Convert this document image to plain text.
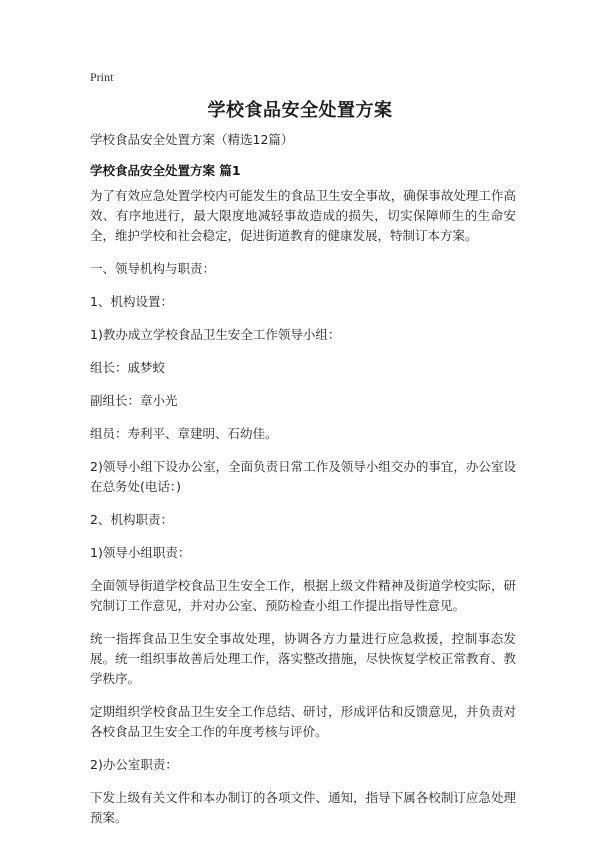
Print

学校食品安全处置方案

学校食品安全处置方案（精选12篇）

学校食品安全处置方案 篇1

为了有效应急处置学校内可能发生的食品卫生安全事故，确保事故处理工作高效、有序地进行，最大限度地减轻事故造成的损失，切实保障师生的生命安全，维护学校和社会稳定，促进街道教育的健康发展，特制订本方案。

一、领导机构与职责：

1、机构设置：

1)教办成立学校食品卫生安全工作领导小组：

组长：戚梦蛟

副组长：章小光

组员：寿利平、章建明、石幼佳。

2)领导小组下设办公室，全面负责日常工作及领导小组交办的事宜，办公室设在总务处(电话：)

2、机构职责：

1)领导小组职责：

全面领导街道学校食品卫生安全工作，根据上级文件精神及街道学校实际，研究制订工作意见，并对办公室、预防检查小组工作提出指导性意见。

统一指挥食品卫生安全事故处理，协调各方力量进行应急救援，控制事态发展。统一组织事故善后处理工作，落实整改措施，尽快恢复学校正常教育、教学秩序。

定期组织学校食品卫生安全工作总结、研讨，形成评估和反馈意见，并负责对各校食品卫生安全工作的年度考核与评价。

2)办公室职责：

下发上级有关文件和本办制订的各项文件、通知，指导下属各校制订应急处理预案。
